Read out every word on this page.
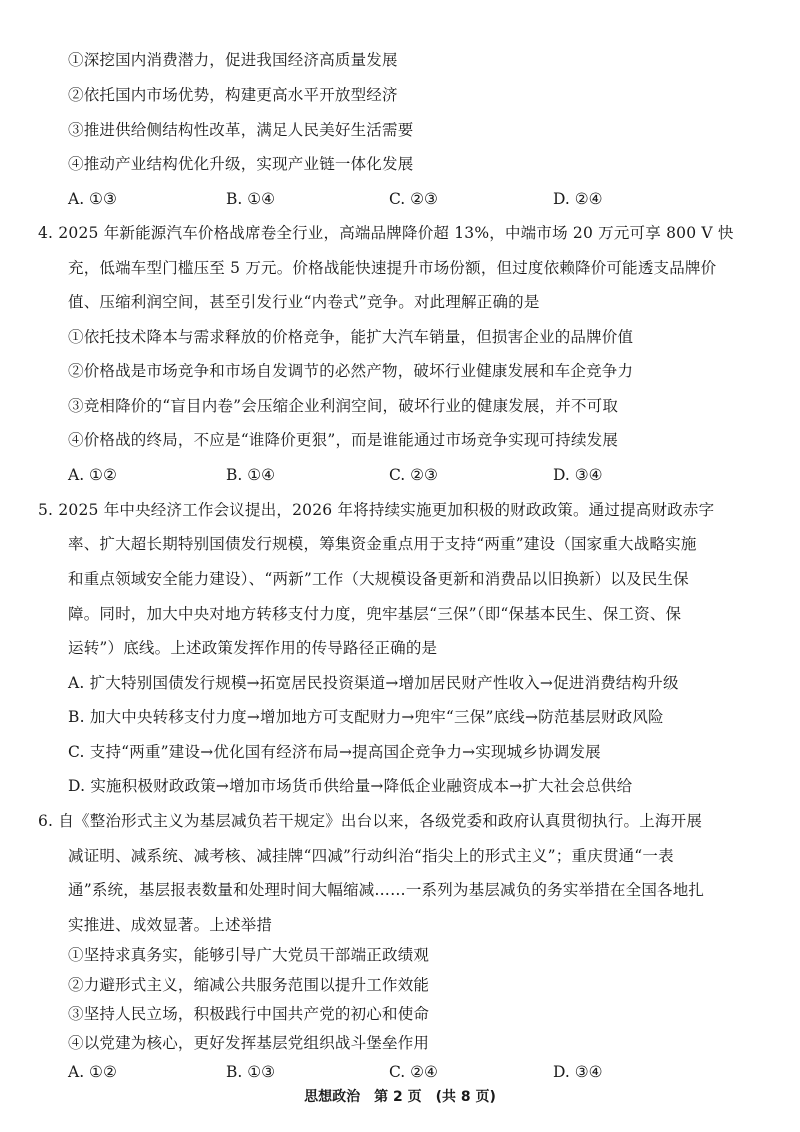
①深挖国内消费潜力，促进我国经济高质量发展
②依托国内市场优势，构建更高水平开放型经济
③推进供给侧结构性改革，满足人民美好生活需要
④推动产业结构优化升级，实现产业链一体化发展
A. ①③	B. ①④	C. ②③	D. ②④
4. 2025 年新能源汽车价格战席卷全行业，高端品牌降价超 13%，中端市场 20 万元可享 800 V 快
充，低端车型门槛压至 5 万元。价格战能快速提升市场份额，但过度依赖降价可能透支品牌价
值、压缩利润空间，甚至引发行业“内卷式”竞争。对此理解正确的是
①依托技术降本与需求释放的价格竞争，能扩大汽车销量，但损害企业的品牌价值
②价格战是市场竞争和市场自发调节的必然产物，破坏行业健康发展和车企竞争力
③竞相降价的“盲目内卷”会压缩企业利润空间，破坏行业的健康发展，并不可取
④价格战的终局，不应是“谁降价更狠”，而是谁能通过市场竞争实现可持续发展
A. ①②	B. ①④	C. ②③	D. ③④
5. 2025 年中央经济工作会议提出，2026 年将持续实施更加积极的财政政策。通过提高财政赤字
率、扩大超长期特别国债发行规模，筹集资金重点用于支持“两重”建设（国家重大战略实施
和重点领域安全能力建设）、“两新”工作（大规模设备更新和消费品以旧换新）以及民生保
障。同时，加大中央对地方转移支付力度，兜牢基层“三保”（即“保基本民生、保工资、保
运转”）底线。上述政策发挥作用的传导路径正确的是
A. 扩大特别国债发行规模→拓宽居民投资渠道→增加居民财产性收入→促进消费结构升级
B. 加大中央转移支付力度→增加地方可支配财力→兜牢“三保”底线→防范基层财政风险
C. 支持“两重”建设→优化国有经济布局→提高国企竞争力→实现城乡协调发展
D. 实施积极财政政策→增加市场货币供给量→降低企业融资成本→扩大社会总供给
6. 自《整治形式主义为基层减负若干规定》出台以来，各级党委和政府认真贯彻执行。上海开展
减证明、减系统、减考核、减挂牌“四减”行动纠治“指尖上的形式主义”；重庆贯通“一表
通”系统，基层报表数量和处理时间大幅缩减……一系列为基层减负的务实举措在全国各地扎
实推进、成效显著。上述举措
①坚持求真务实，能够引导广大党员干部端正政绩观
②力避形式主义，缩减公共服务范围以提升工作效能
③坚持人民立场，积极践行中国共产党的初心和使命
④以党建为核心，更好发挥基层党组织战斗堡垒作用
思想政治　第 2 页　(共 8 页)
A. ①②	B. ①③	C. ②④	D. ③④
